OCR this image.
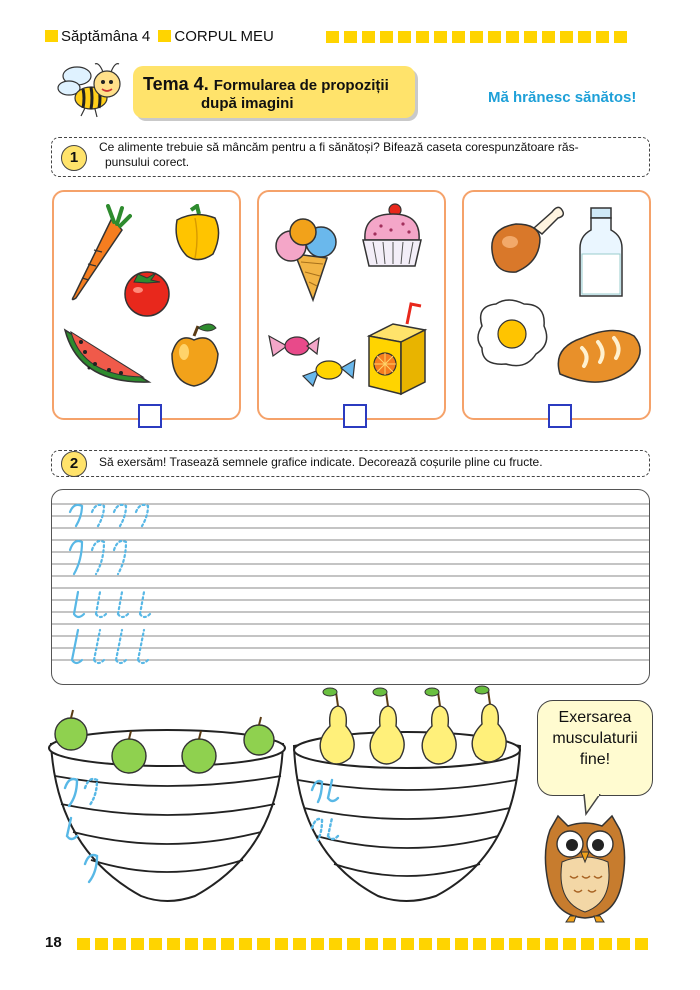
Săptămâna 4 CORPUL MEU
Tema 4. Formularea de propoziții
după imagini	Mă hrănesc sănătos!
1
Ce alimente trebuie să mâncăm pentru a fi sănătoși? Bifează caseta corespunzătoare răs-
punsului corect.
2	Să exersăm! Trasează semnele grafice indicate. Decorează coșurile pline cu fructe.
Exersarea
musculaturii
fine!
18
